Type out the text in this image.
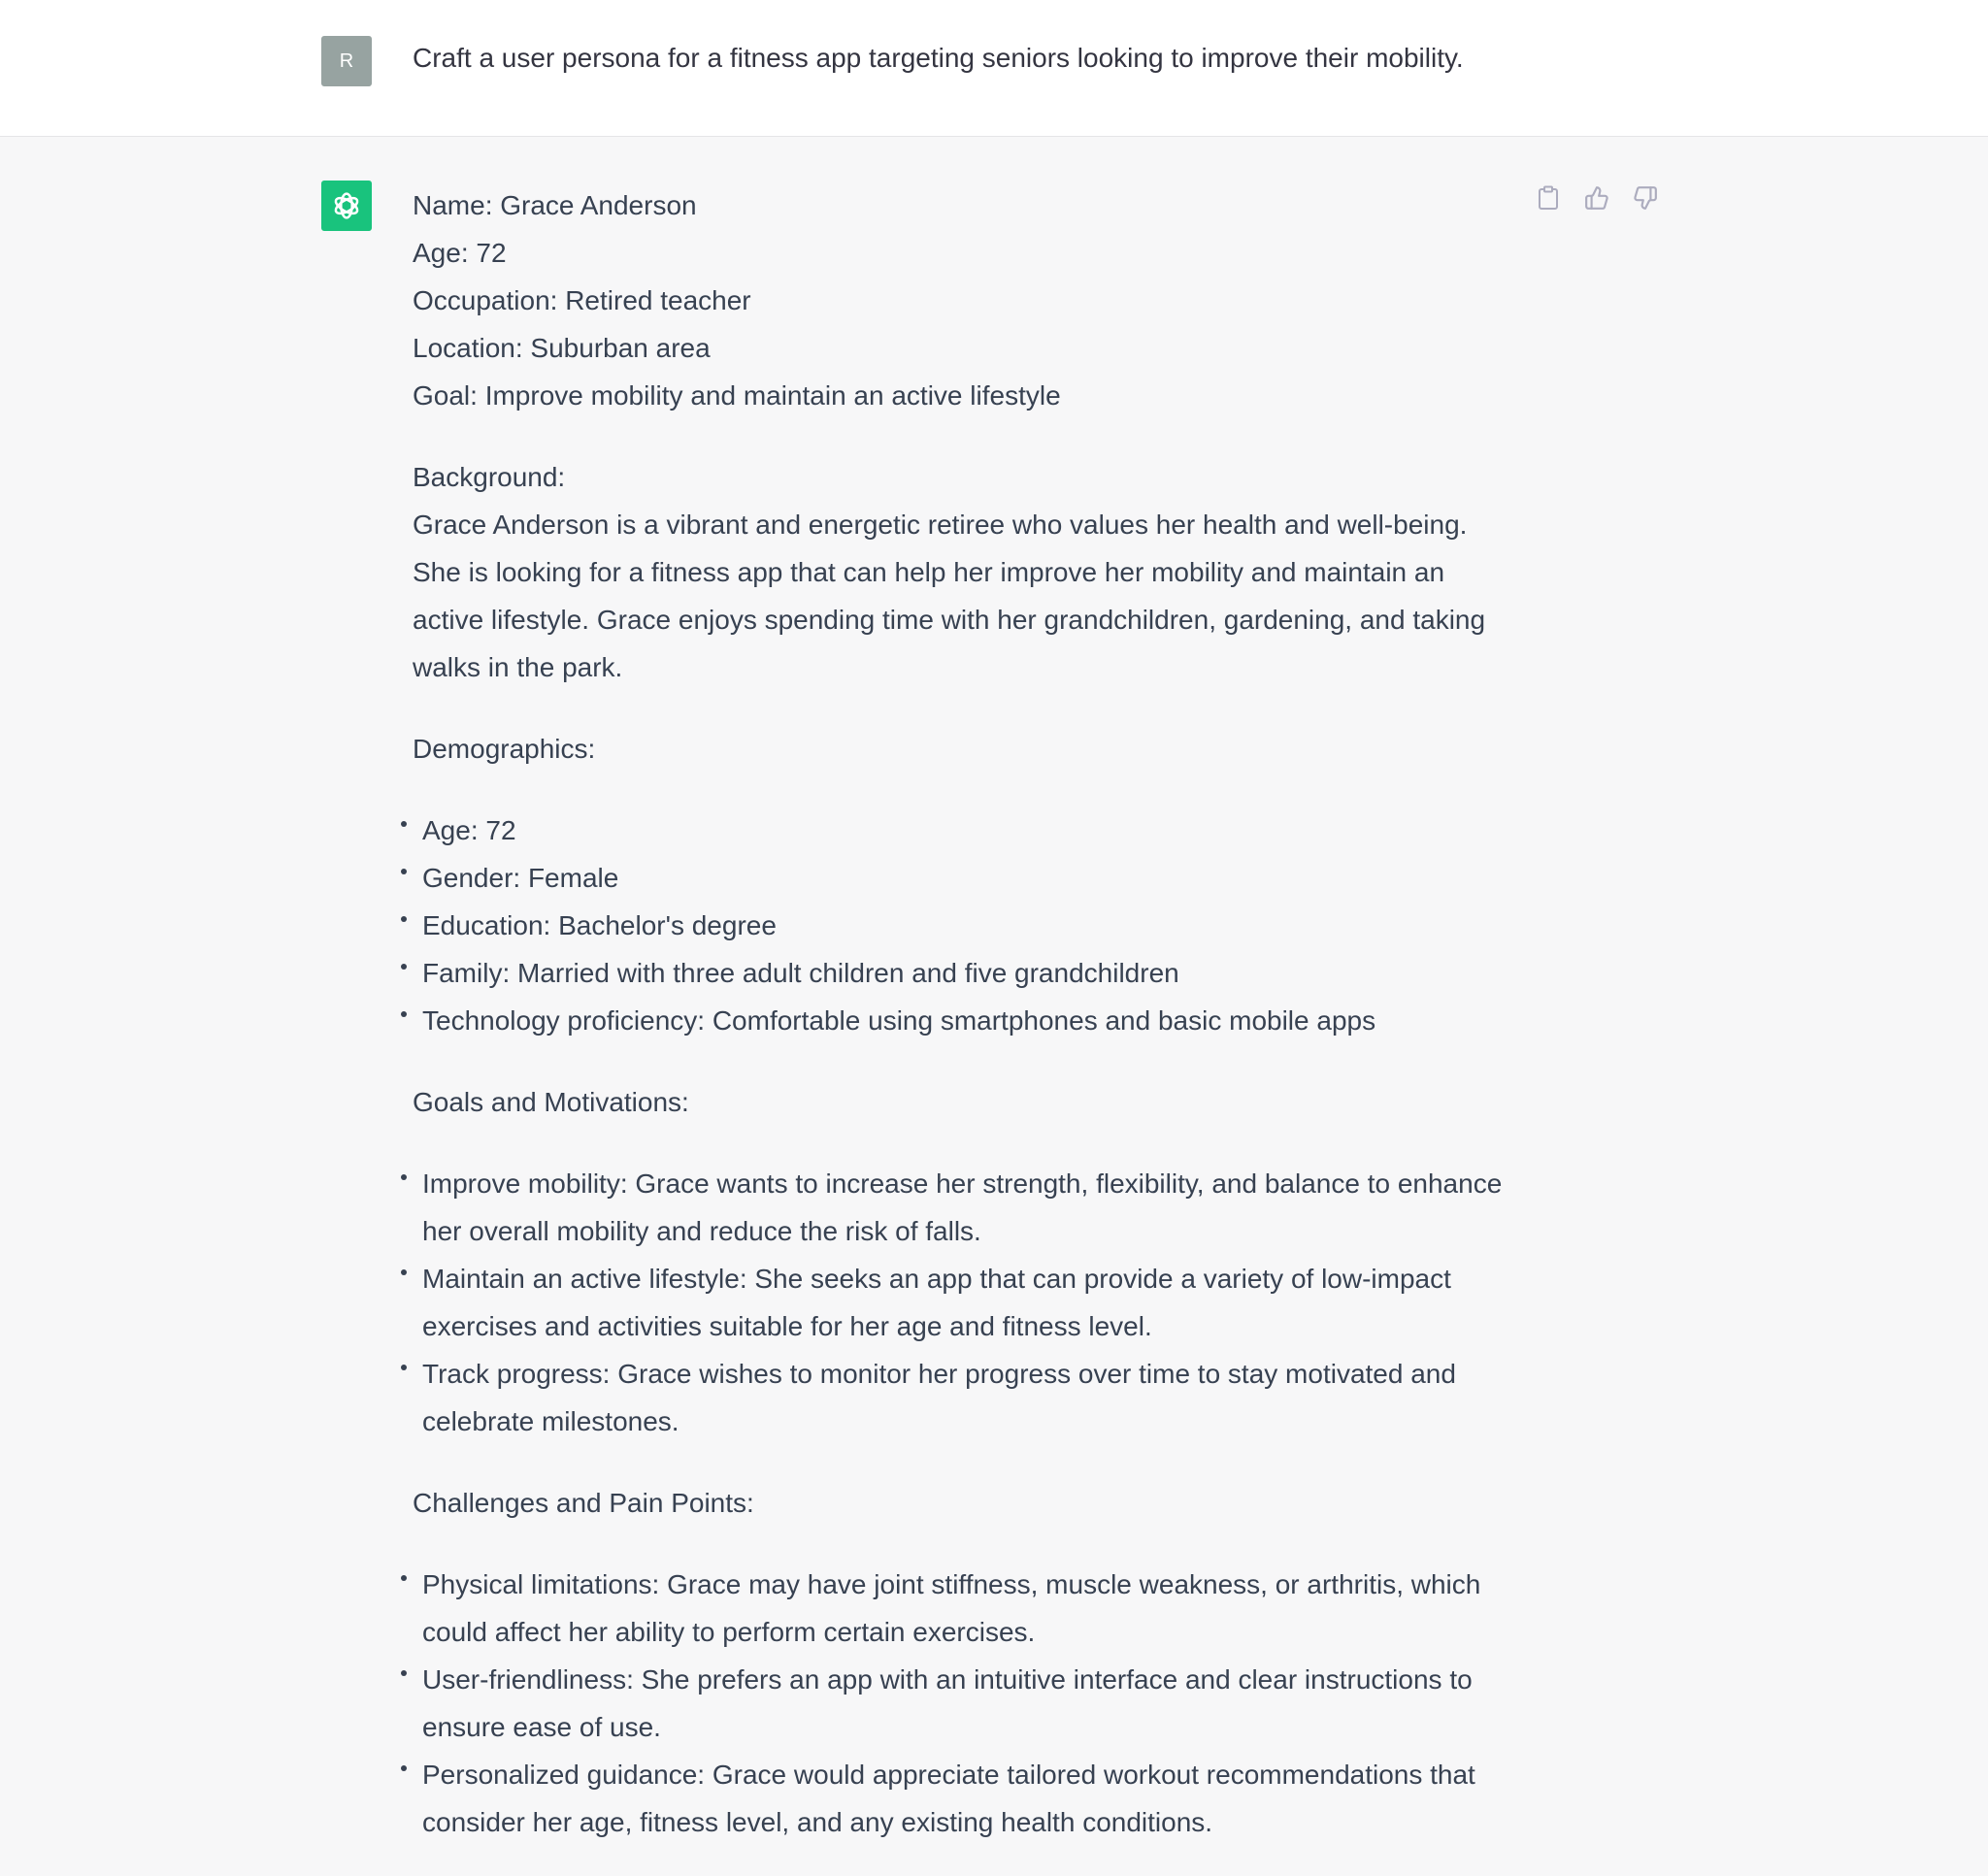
R Craft a user persona for a fitness app targeting seniors looking to improve their mobility.

Name: Grace Anderson

Age: 72

Occupation: Retired teacher

Location: Suburban area

Goal: Improve mobility and maintain an active lifestyle

Background:

Grace Anderson is a vibrant and energetic retiree who values her health and well-being. She is looking for a fitness app that can help her improve her mobility and maintain an active lifestyle. Grace enjoys spending time with her grandchildren, gardening, and taking walks in the park.

Demographics:

Age: 72
Gender: Female
Education: Bachelor's degree
Family: Married with three adult children and five grandchildren
Technology proficiency: Comfortable using smartphones and basic mobile apps

Goals and Motivations:

Improve mobility: Grace wants to increase her strength, flexibility, and balance to enhance her overall mobility and reduce the risk of falls.
Maintain an active lifestyle: She seeks an app that can provide a variety of low-impact exercises and activities suitable for her age and fitness level.
Track progress: Grace wishes to monitor her progress over time to stay motivated and celebrate milestones.

Challenges and Pain Points:

Physical limitations: Grace may have joint stiffness, muscle weakness, or arthritis, which could affect her ability to perform certain exercises.
User-friendliness: She prefers an app with an intuitive interface and clear instructions to ensure ease of use.
Personalized guidance: Grace would appreciate tailored workout recommendations that consider her age, fitness level, and any existing health conditions.
